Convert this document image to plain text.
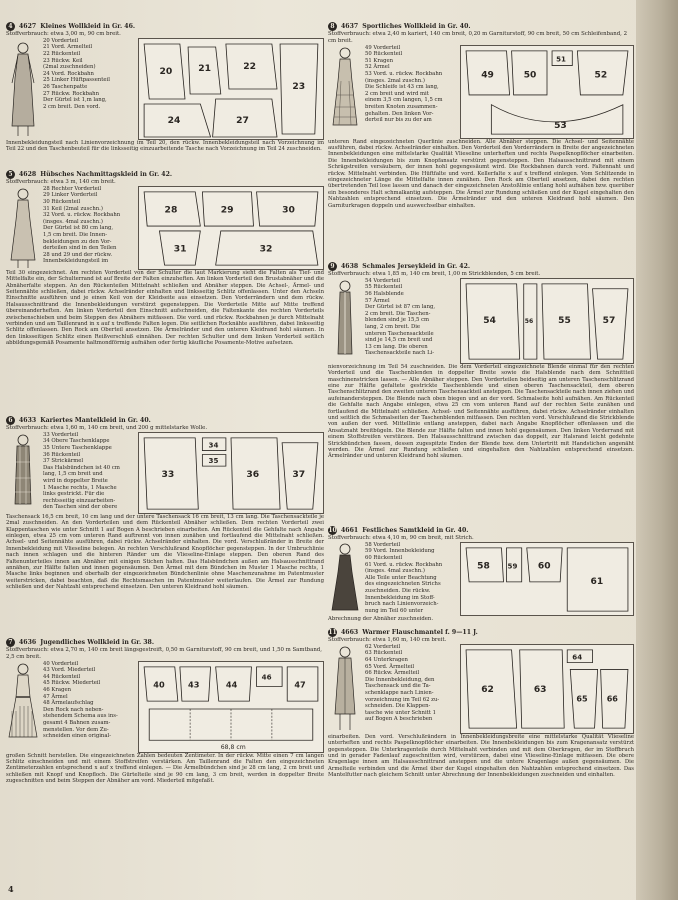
4	4627 Kleines Wollkleid in Gr. 46.
Stoffverbrauch: etwa 3,00 m, 90 cm breit.
20 Vorderteil
21 Vord. Armelteil
22 Rückenteil
23 Rückw. Keil
(2mal zuschneiden)
24 Vord. Rockbahn
25 Linker Hüftpassenteil
26 Taschenpatte
27 Rückw. Rockbahn
Der Gürtel ist 1,m lang,
2 cm breit. Den vord.
20	21	22
23
24	27
Innenbekleidungsteil nach Linienvorzeichnung im Teil 20, den rückw. Innenbekleidungsteil nach Vorzeichnung im Teil 22 und den Taschenbeuteil für die linksseitig einzuarbeitende Tasche nach Vorzeichnung im Teil 24 zuschneiden.
5	4628 Hübsches Nachmittagskleid in Gr. 42.
Stoffverbrauch: etwa 3 m, 140 cm breit.
28 Rechter Vorderteil
29 Linker Vorderteil
30 Rückenteil
31 Keil (2mal zuschn.)
32 Vord. u. rückw. Rockbahn
(insges. 4mal zuschn.)
Der Gürtel ist 80 cm lang,
1,5 cm breit. Die Innen-
bekleidungen zu den Vor-
derteilen sind in den Teilen
28 und 29 und der rückw.
Innenbekleidungsteil im
28	29	30
31	32
Teil 30 eingezeichnet. Am rechten Vorderteil von der Schulter die laut Markierung sieht die Falten als Tief- und Mittelfalte ein, der Schulterrand ist auf Breite der Falten einzuheften. Am linken Vorderteil den Brustabnäher und die Abnäherfalte steppen. An den Rückenteilen Mittelnaht schließen und Abnäher steppen. Die Achsel-, Ärmel- und Seitennähte schließen, dabei rückw. Achselränder einhalten und linksseitig Schlitz offenlassen. Unter den Achseln Einschnitte ausführen und je einen Keil von der Kleidseite aus einsetzen. Den Vorderrändern und dem rückw. Halsausschnittrand die Innenbekleidungen verstürzt gegensteppen. Die Vorderteile Mitte auf Mitte treffend übereinanderheften. Am linken Vorderteil den Einschnitt aufschneiden, die Faltenkante des rechten Vorderteils zwischenschieben und beim Steppen des Abnähers mitfassen. Die vord. und rückw. Rockbahnen je durch Mittelnaht verbinden und am Taillenrand in x auf x treffende Falten legen. Die seitlichen Rocknähte ausführen, dabei linksseitig Schlitz offenlassen. Den Rock am Oberteil ansetzen. Die Ärmelränder und den unteren Kleidrand hohl säumen. In den linksseitigen Schlitz einen Reißverschluß einnähen. Der rechten Schulter und dem linken Vorderteil seitlich abbildungsgemäß Posamente haltmondförmig aufnähen oder fertig käufliche Posamente-Motive aufsetzen.
6	4633 Kariertes Mantelkleid in Gr. 40.
Stoffverbrauch: etwa 1,60 m, 140 cm breit, und 200 g mittelstarke Wolle.
33 Vorderteil
34 Obere Taschenklappe
35 Untere Taschenklappe
36 Rückenteil
37 Strickärmel
Das Halsbündchen ist 40 cm
lang, 1,5 cm breit und
wird in doppelter Breite
1 Masche rechts, 1 Masche
links gestrickt. Für die
rechtsseitig einzuarbeiten-
den Taschen sind der obere
33
34
35
36	37
Taschensack 16,5 cm breit, 10 cm lang und der untere Taschensack 16 cm breit, 13 cm lang. Die Taschensackteile je 2mal zuschneiden. An den Vorderteilen und dem Rückenteil Abnäher schließen. Dem rechten Vorderteil zwei Klappentaschen wie unter Schnitt 1 auf Bogen A beschrieben einarbeiten. Am Rückenteil die Gehfalte nach Angabe einlegen, etwa 25 cm vom unteren Rand auftrennt von innen zunähen und fortlaufend die Mittelnaht schließen. Achsel- und Seitennähte ausführen, dabei rückw. Achselränder einhalten. Die vord. Verschlußränder in Breite der Innenbekleidung mit Vlieseline belegen. An rechten Verschlußrand Knopflöcher gegensteppen. In der Umbruchlinie nach innen schlagen und die hinteren Ränder um die Vlieseline-Einlage steppen. Den oberen Rand des Faltenunterteiles innen am Abnäher mit einigen Stichen halten. Das Halsbündchen außen am Halsausschnittrand annähen, zur Hälfte falten und innen gegensäumen. Den Ärmel mit dem Bündchen im Muster 1 Masche rechts, 1 Masche links beginnen und oberhalb der eingezeichneten Bündchenlinie ohne Maschenzunahme im Patentmuster weiterstricken, dabei beachten, daß die Rechtsmaschen im Patentmuster weiterlaufen. Die Ärmel zur Rundung schließen und der Nahtzahl entsprechend einsetzen. Den unteren Kleidrand hohl säumen.
7	4636 Jugendliches Wollkleid in Gr. 38.
Stoffverbrauch: etwa 2,70 m, 140 cm breit längsgestreift, 0,50 m Garniturstoff, 90 cm breit, und 1,50 m Samtband, 2,5 cm breit.
40 Vorderteil
43 Vord. Miederteil
44 Rückenteil
45 Rückw. Miederteil
46 Kragen
47 Ärmel
48 Ärmelaufschlag
Den Rock nach neben-
stehendem Schema aus ins-
gesamt 4 Bahnen zusam-
menstellen. Vor dem Zu-
schneiden einen original-
40	43	44
46
47
68,8 cm
großen Schnitt herstellen. Die eingezeichneten Zahlen bedeuten Zentimeter. In der rückw. Mitte einen 7 cm langen Schlitz einschneiden und mit einem Stoffstreifen verstärken. Am Taillenrand die Falten den eingezeichneten Zentimeterzahlen entsprechend x auf x treffend einlegen. — Die Ärmelbündchen sind je 28 cm lang, 2 cm breit und schließen mit Knopf und Knopfloch. Die Gürtelteile sind je 90 cm lang, 3 cm breit, werden in doppelter Breite zugeschnitten und beim Steppen der Abnäher am vord. Miederteil mitgefaßt.
8	4637 Sportliches Wollkleid in Gr. 40.
Stoffverbrauch: etwa 2,40 m kariert, 140 cm breit, 0,20 m Garniturstoff, 90 cm breit, 50 cm Schleifenband, 2 cm breit.
49 Vorderteil
50 Rückenteil
51 Kragen
52 Ärmel
53 Vord. u. rückw. Rockbahn
(insges. 2mal zuschn.)
Die Schleife ist 43 cm lang,
2 cm breit und wird mit
einem 3,5 cm langen, 1,5 cm
breiten Knoten zusammen-
gehalten. Den linken Vor-
derteil nur bis zu der am
49	50
51
52
53
unteren Rand eingezeichneten Querlinie zuschneiden. Alle Abnäher steppen. Die Achsel- und Seitennähte ausführen, dabei rückw. Achselränder einhalten. Den Vorderteil den Vorderrändern in Breite der angezeichneten Innenbekleidungen eine mittelstarke Qualität Vlieseline unterheften und rechts Paspelknopflöcher einarbeiten. Die Innenbekleidungen bis zum Knopfansatz verstürzt gegensteppen. Den Halsausschnittrand mit einem Schrägstreifen versäubern, der innen hohl gegengesäumt wird. Die Rockbahnen durch vord. Faltennaht und rückw. Mittelnaht verbinden. Die Hüftfalte und vord. Kellerfalte x auf x treffend einlegen. Vom Schlitzende in eingezeichneter Länge die Mittelfalte innen zunähen. Den Rock am Oberteil ansetzen, dabei den rechten übertretenden Teil lose lassen und danach der eingezeichneten Anstoßlinie entlang hohl aufnähen bzw. querüber ein besonderes Halt schmalkantig aufsteppen. Die Ärmel zur Rundung schließen und der Kugel eingehalten den Nahtzahlen entsprechend einsetzen. Die Ärmelränder und den unteren Kleidrand hohl säumen. Den Garniturkragen doppeln und auswechselbar einhalten.
9	4638 Schmales Jerseykleid in Gr. 42.
Stoffverbrauch: etwa 1,85 m, 140 cm breit, 1,00 m Strickblenden, 5 cm breit.
54 Vorderteil
55 Rückenteil
56 Halsblende
57 Ärmel
Der Gürtel ist 87 cm lang,
2 cm breit. Die Taschen-
blenden sind je 15,5 cm
lang, 2 cm breit. Die
unteren Taschensackteile
sind je 14,5 cm breit und
13 cm lang. Die oberen
Taschensackteile nach Li-
54	55
56	57
nienvorzeichnung im Teil 54 zuschneiden. Die dem Vorderteil eingezeichnete Blende einmal für den rechten Vorderteil und die Taschenblenden in doppelter Breite sowie die Halsblende nach dem Schnittteil maschinenstricken lassen. — Alle Abnäher steppen. Den Vorderteilen beidseitig am unteren Taschenschlitzrand eine zur Hälfte gefaltete gestrickte Taschenblende und einen oberen Taschensackteil, dem oberen Taschenschlitzrand den zweiten unteren Taschensackteil ansteppen. Die Taschensackteile nach innen ziehen und aufeinandersteppen. Die Blende nach oben biegen und an der vord. Schmalseite hohl aufnähen. Am Rückenteil die Gehfalte nach Angabe einlegen, etwa 25 cm vom unteren Rand auf der rechten Seite zunähen und fortlaufend die Mittelnaht schließen. Achsel- und Seitennähte ausführen, dabei rückw. Achselränder einhalten und seitlich die Schmalseiten der Taschenblenden mitfassen. Den rechten vord. Verschlußrand die Strickblende von außen der vord. Mittellinie entlang ansteppen, dabei nach Angabe Knopflöcher offenlassen und die Ansatznaht breitbügeln. Die Blende zur Hälfte falten und innen hohl gegensäumen. Den linken Vorderrand mit einem Stoffstreifen verstürzen. Den Halsausschnittrand zwischen das doppelt, zur Halsrand leicht gedehnte Strickbündchen fassen, dessen zugespitzte Enden der Blende bzw. dem Untertritt mit Handstichen angenäht werden. Die Ärmel zur Rundung schließen und eingehalten den Nahtzahlen entsprechend einsetzen. Ärmelränder und unteren Kleidrand hohl säumen.
10 4661 Festliches Samtkleid in Gr. 40.
Stoffverbrauch: etwa 4,10 m, 90 cm breit, mit Strich.
58 Vorderteil
59 Vord. Innenbekleidung
60 Rückenteil
61 Vord. u. rückw. Rockbahn
(insges. 4mal zuschn.)
Alle Teile unter Beachtung
des eingezeichneten Strichs
zuschneiden. Die rückw.
Innenbekleidung im Stoff-
bruch nach Linienvorzeich-
nung im Teil 60 unter
58	59 60
61
Abrechnung der Abnäher zuschneiden.
11 4663 Warmer Flauschmantel f. 9—11 J.
Stoffverbrauch: etwa 1,60 m, 140 cm breit.
62 Vorderteil
63 Rückenteil
64 Unterkragen
65 Vord. Ärmelteil
66 Rückw. Ärmelteil
Die Innenbekleidung, den
Taschensack und die Ta-
schenklappe nach Linien-
vorzeichnung im Teil 62 zu-
schneiden. Die Klappen-
tasche wie unter Schnitt 1
auf Bogen A beschrieben
62	63
64
65 66
einarbeiten. Den vord. Verschlußrändern in Innenbekleidungsbreite eine mittelstarke Qualität Vlieseline unterheften und rechts Paspelknopflöcher einarbeiten. Die Innenbekleidungen bis zum Kragenansatz verstürzt gegensteppen. Die Unterkragenteile durch Mittelnaht verbinden und mit dem Oberkragen, der im Stoffbruch und in gerader Fadenlauf zugeschnitten wird, verstürzen, dabei eine Vlieseline-Einlage mitfassen. Die obere Kragenlage innen am Halsausschnittrand ansteppen und die untere Kragenlage außen gegensäumen. Die Armelteile verbinden und die Ärmel über der Kugel eingehalten den Nahtzahlen entsprechend einsetzen. Das Mantelfutter nach gleichem Schnitt unter Abrechnung der Innenbekleidungen zuschneiden und einhalten.
4
